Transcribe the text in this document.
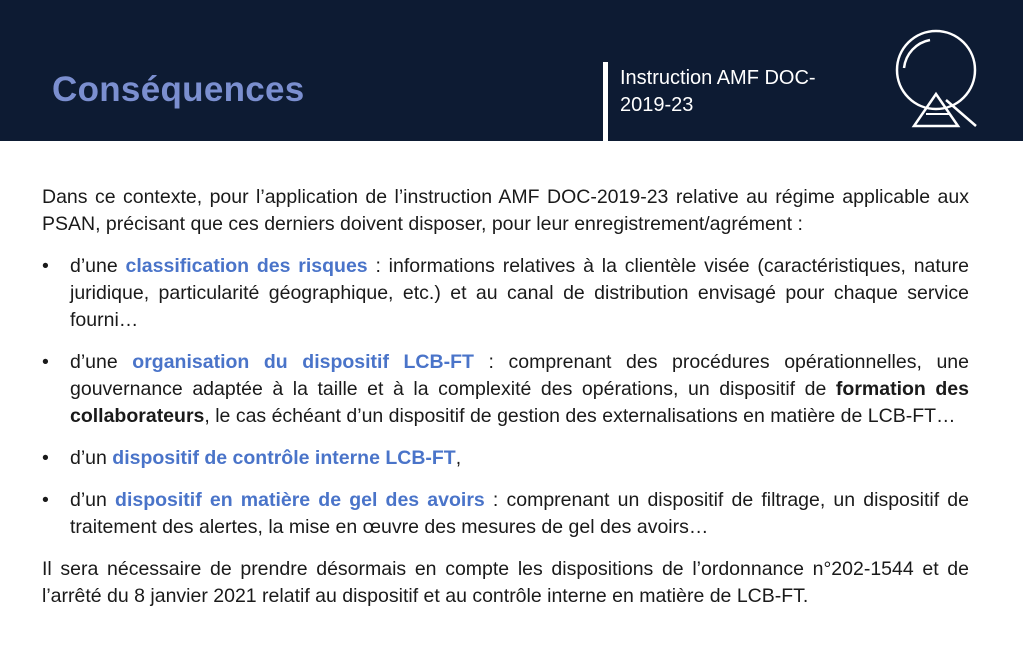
Conséquences	Instruction AMF DOC-2019-23

Dans ce contexte, pour l’application de l’instruction AMF DOC-2019-23 relative au régime applicable aux PSAN, précisant que ces derniers doivent disposer, pour leur enregistrement/agrément :

•	d’une classification des risques : informations relatives à la clientèle visée (caractéristiques, nature juridique, particularité géographique, etc.) et au canal de distribution envisagé pour chaque service fourni…
•	d’une organisation du dispositif LCB-FT : comprenant des procédures opérationnelles, une gouvernance adaptée à la taille et à la complexité des opérations, un dispositif de formation des collaborateurs, le cas échéant d’un dispositif de gestion des externalisations en matière de LCB-FT…
•	d’un dispositif de contrôle interne LCB-FT,
•	d’un dispositif en matière de gel des avoirs : comprenant un dispositif de filtrage, un dispositif de traitement des alertes, la mise en œuvre des mesures de gel des avoirs…

Il sera nécessaire de prendre désormais en compte les dispositions de l’ordonnance n°202-1544 et de l’arrêté du 8 janvier 2021 relatif au dispositif et au contrôle interne en matière de LCB-FT.
